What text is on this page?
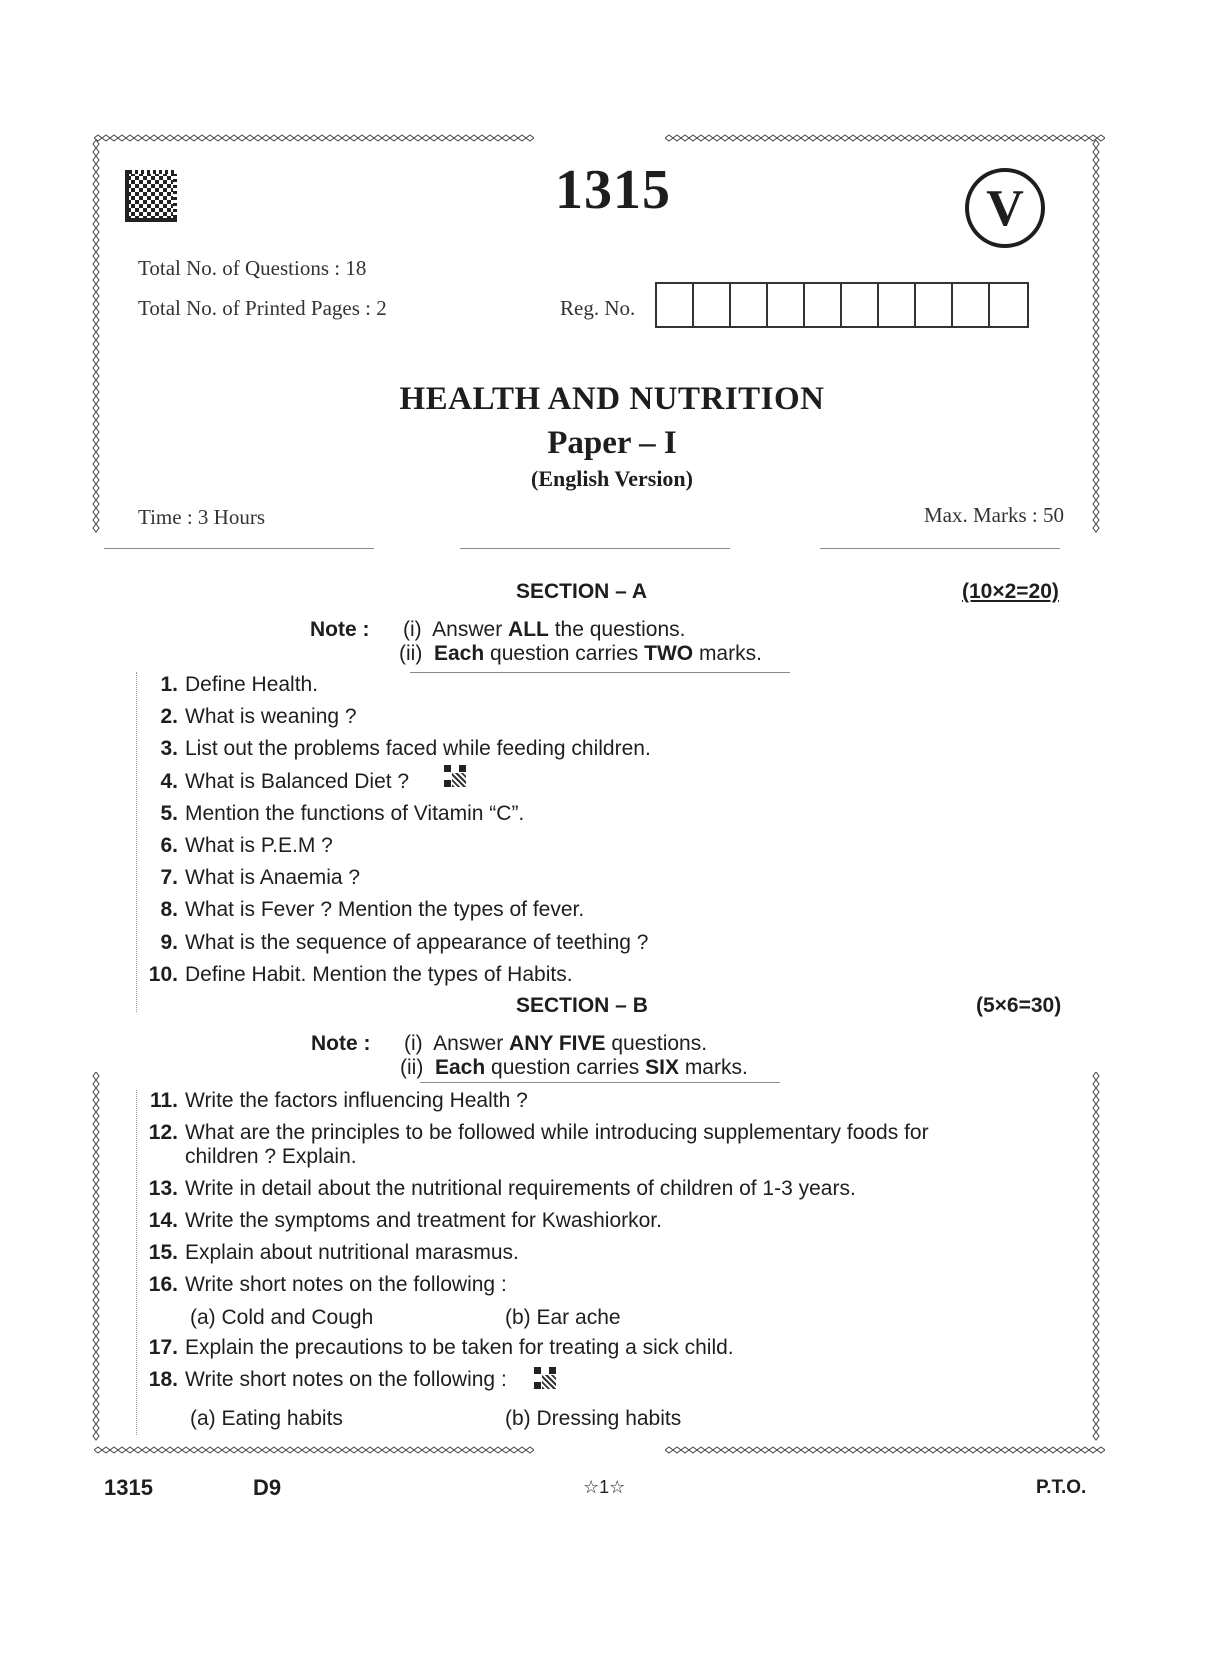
1315	V
Total No. of Questions : 18
Total No. of Printed Pages : 2	Reg. No.
HEALTH AND NUTRITION
Paper – I
(English Version)
Time : 3 Hours	Max. Marks : 50
SECTION – A	(10×2=20)
Note : (i)  Answer ALL the questions.
(ii)  Each question carries TWO marks.
1. Define Health.
2. What is weaning ?
3. List out the problems faced while feeding children.
4. What is Balanced Diet ?
5. Mention the functions of Vitamin “C”.
6. What is P.E.M ?
7. What is Anaemia ?
8. What is Fever ? Mention the types of fever.
9. What is the sequence of appearance of teething ?
10. Define Habit. Mention the types of Habits.
SECTION – B	(5×6=30)
Note : (i)  Answer ANY FIVE questions.
(ii)  Each question carries SIX marks.
11. Write the factors influencing Health ?
12. What are the principles to be followed while introducing supplementary foods for
children ? Explain.
13. Write in detail about the nutritional requirements of children of 1-3 years.
14. Write the symptoms and treatment for Kwashiorkor.
15. Explain about nutritional marasmus.
16. Write short notes on the following :
17. Explain the precautions to be taken for treating a sick child.
18. Write short notes on the following :
(a) Cold and Cough	(b) Ear ache
(a) Eating habits	(b) Dressing habits
1315	D9	☆1☆	P.T.O.
